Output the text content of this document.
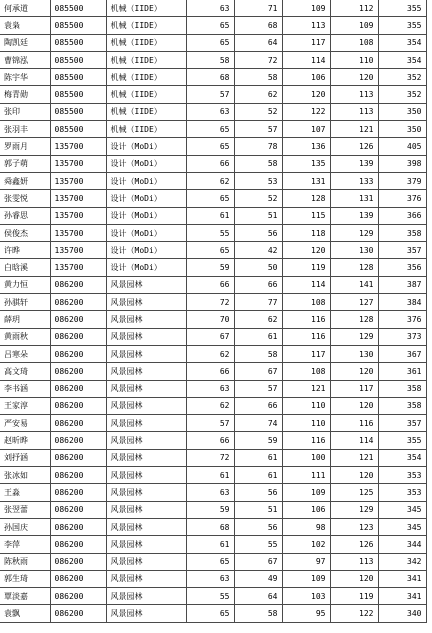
何承道	085500	机械（IIDE）	63	71	109	112	355
袁枭	085500	机械（IIDE）	65	68	113	109	355
陶凯廷	085500	机械（IIDE）	65	64	117	108	354
曹锦泓	085500	机械（IIDE）	58	72	114	110	354
陈宇华	085500	机械（IIDE）	68	58	106	120	352
梅青勋	085500	机械（IIDE）	57	62	120	113	352
张印	085500	机械（IIDE）	63	52	122	113	350
张羽丰	085500	机械（IIDE）	65	57	107	121	350
罗雨月	135700	设计（MoDi）	65	78	136	126	405
郭子萌	135700	设计（MoDi）	66	58	135	139	398
舜鑫妍	135700	设计（MoDi）	62	53	131	133	379
张雯悦	135700	设计（MoDi）	65	52	128	131	376
孙睿思	135700	设计（MoDi）	61	51	115	139	366
侯俊杰	135700	设计（MoDi）	55	56	118	129	358
许晔	135700	设计（MoDi）	65	42	120	130	357
白晗溪	135700	设计（MoDi）	59	50	119	128	356
黄力恒	086200	风景园林	66	66	114	141	387
孙骐轩	086200	风景园林	72	77	108	127	384
薛玥	086200	风景园林	70	62	116	128	376
黄雨秋	086200	风景园林	67	61	116	129	373
吕寒朵	086200	风景园林	62	58	117	130	367
高文琦	086200	风景园林	66	67	108	120	361
李书涵	086200	风景园林	63	57	121	117	358
王家淳	086200	风景园林	62	66	110	120	358
严安易	086200	风景园林	57	74	110	116	357
赵昕晔	086200	风景园林	66	59	116	114	355
刘抒涵	086200	风景园林	72	61	100	121	354
张冰如	086200	风景园林	61	61	111	120	353
王淼	086200	风景园林	63	56	109	125	353
张翌蕾	086200	风景园林	59	51	106	129	345
孙国庆	086200	风景园林	68	56	98	123	345
李萍	086200	风景园林	61	55	102	126	344
陈秋雨	086200	风景园林	65	67	97	113	342
郭生琦	086200	风景园林	63	49	109	120	341
覃淡嘉	086200	风景园林	55	64	103	119	341
袁飘	086200	风景园林	65	58	95	122	340
